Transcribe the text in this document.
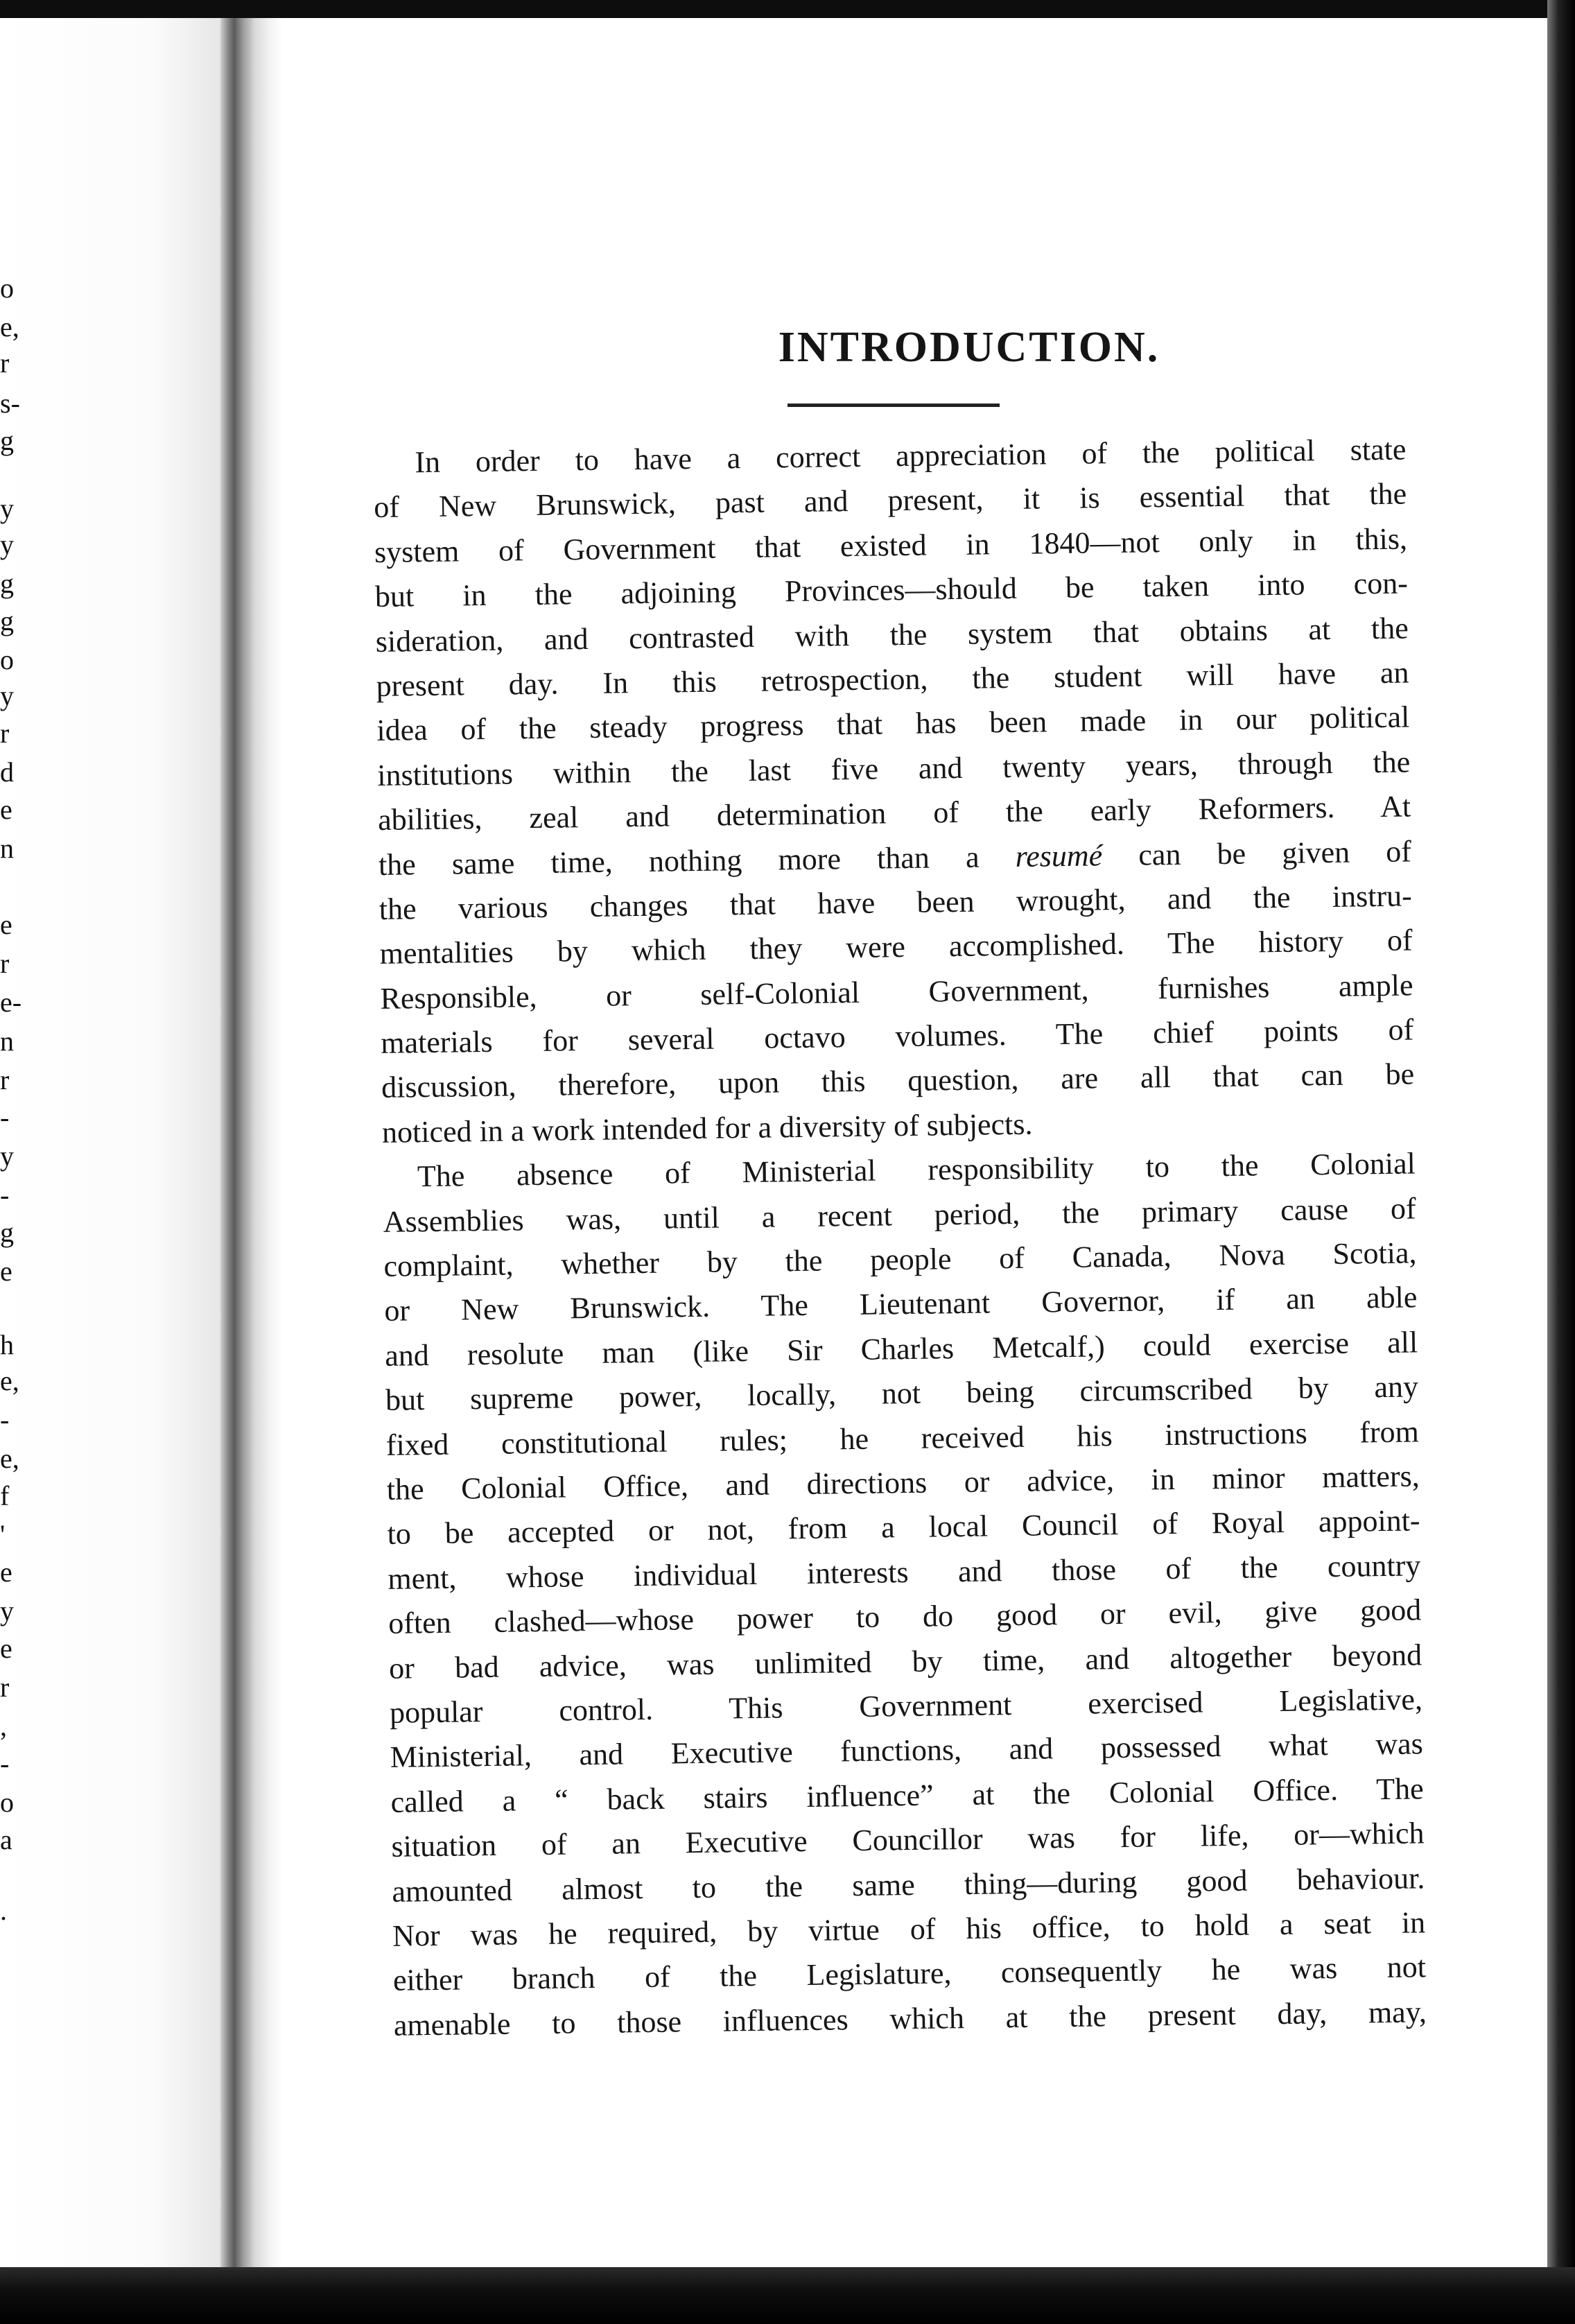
o
e,
r
s-
g
y
y
g
g
o
y
r
d
e
n
e
r
e-
n
r
-
y
-
g
e
h
e,
-
e,
f
'
e
y
e
r
,
-
o
a
.
INTRODUCTION.
In order to have a correct appreciation of the political state
of New Brunswick, past and present, it is essential that the
system of Government that existed in 1840—not only in this,
but in the adjoining Provinces—should be taken into con-
sideration, and contrasted with the system that obtains at the
present day. In this retrospection, the student will have an
idea of the steady progress that has been made in our political
institutions within the last five and twenty years, through the
abilities, zeal and determination of the early Reformers. At
the same time, nothing more than a resumé can be given of
the various changes that have been wrought, and the instru-
mentalities by which they were accomplished. The history of
Responsible, or self-Colonial Government, furnishes ample
materials for several octavo volumes. The chief points of
discussion, therefore, upon this question, are all that can be
noticed in a work intended for a diversity of subjects.
The absence of Ministerial responsibility to the Colonial
Assemblies was, until a recent period, the primary cause of
complaint, whether by the people of Canada, Nova Scotia,
or New Brunswick. The Lieutenant Governor, if an able
and resolute man (like Sir Charles Metcalf,) could exercise all
but supreme power, locally, not being circumscribed by any
fixed constitutional rules; he received his instructions from
the Colonial Office, and directions or advice, in minor matters,
to be accepted or not, from a local Council of Royal appoint-
ment, whose individual interests and those of the country
often clashed—whose power to do good or evil, give good
or bad advice, was unlimited by time, and altogether beyond
popular control. This Government exercised Legislative,
Ministerial, and Executive functions, and possessed what was
called a “ back stairs influence” at the Colonial Office. The
situation of an Executive Councillor was for life, or—which
amounted almost to the same thing—during good behaviour.
Nor was he required, by virtue of his office, to hold a seat in
either branch of the Legislature, consequently he was not
amenable to those influences which at the present day, may,
